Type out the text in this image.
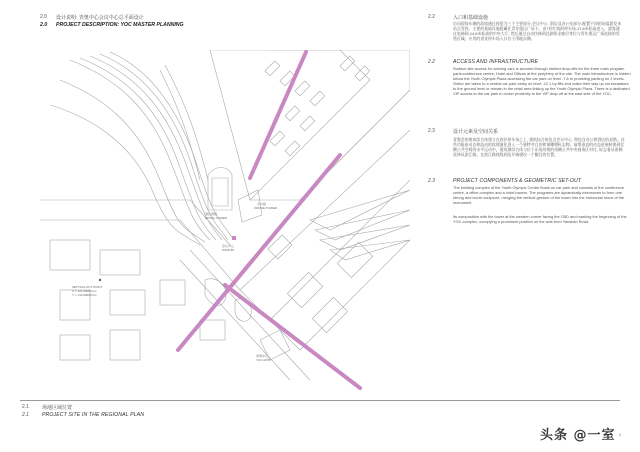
2.0 设计说明: 青奥中心会议中心总平面设计
2.0 PROJECT DESCRIPTION: YOC MASTER PLANNING
酒店塔楼
HOTEL TOWER
办公楼
OFFICE TOWER
会议中心
PODIUM
SETTING-OUT POINT
X = 121.00000 km
Y = 140.00000 km
青奥中心
YOC AXIS
2.2	入口和基础设施
访问现场车辆的流线通过视觉为三个主要部分-会议中心, 酒店及办公室部分-配置不同的场落派发来站点发挥。主要的基础设施隐藏在青年奥运广场下。由7层红线的停车场-17.6米标高进入。游客通过电梯到-14.6米标高的中央大厅, 然后通过自动扶梯到达湖景走廊层等位与青年奥运广场连接的零售区域。专用的贵宾停车场入口位于用地东侧。
2.2	ACCESS AND INFRASTRUCTURE
Surface site access for arriving cars is secured through distinct drop-offs for the three main program parts:conference centre, Hotel and Offices at the periphery of the site. The main infrastructure is hidden below the Youth Olympic Plaza accessing the car park on level -7.6 m providing parking on 2 levels. Visitor are taken to a central car park lobby on level -12.1 by lifts and make their way up via escalators to the ground level or remain in the retail area linking up the Youth Olympic Plaza. There is a dedicated VIP access to the car park in closer proximity to the VIP drop-off at the east side of the YOC.
2.3	设计元素及空间关系
青奥会的建筑综合体建立在现层停车场之上, 建筑综合体包含会议中心, 和包含办公和酒店的双塔。这些功能由动态和流动的纹理演化进入一个独特并且的和谐雕塑标志物。前塔垂直的动态进展转换到北侧公共空间的水平运动中。建筑群综合体与位于东角的塔的南侧公共中央商务区对比, 标志着从南侧延伸从滨江路。在滨江路视线到达开端建设一个醒目的位置。
2.3	PROJECT COMPONENTS & GEOMETRIC SET-OUT
The building complex of the Youth Olympic Centre floats on car park and consists of the conference centre, a office complex and a hotel towers. The programs are dynamically interwoven to form one strong and iconic sculpture, merging the vertical gesture of the tower into the horizontal move of the monument.
Its composition with the tower at the western corner facing the CBD and marking the beginning of the YOC complex, occupying a prominent position on the axis from Yanshan Road.
2.1	场地区域位置
2.1	PROJECT SITE IN THE REGIONAL PLAN
头条 @一室 2
